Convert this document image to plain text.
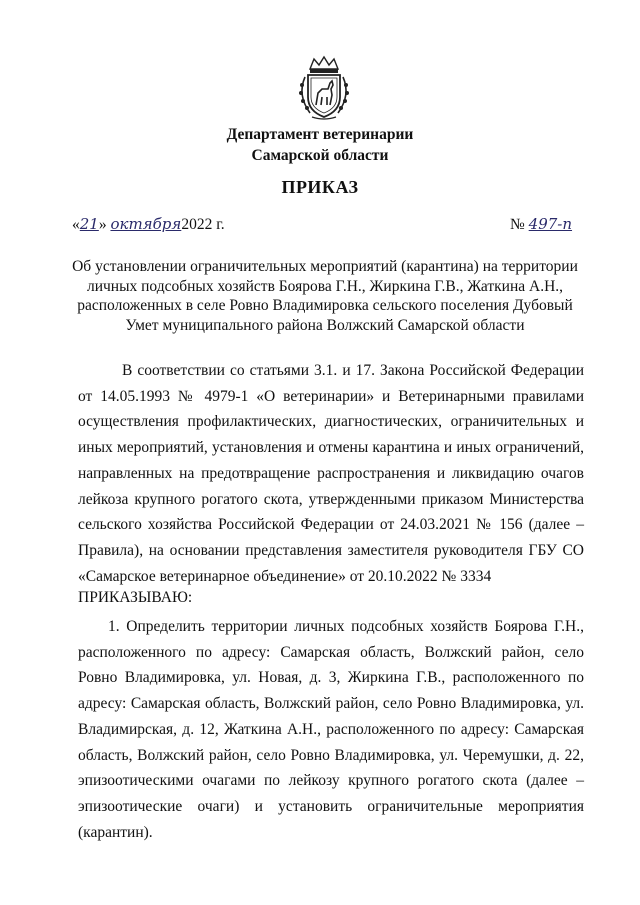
Департамент ветеринарии
Самарской области
ПРИКАЗ
«21» октября2022 г.	№ 497-п
Об установлении ограничительных мероприятий (карантина) на территории личных подсобных хозяйств Боярова Г.Н., Жиркина Г.В., Жаткина А.Н., расположенных в селе Ровно Владимировка сельского поселения Дубовый Умет муниципального района Волжский Самарской области
В соответствии со статьями 3.1. и 17. Закона Российской Федерации от 14.05.1993 № 4979-1 «О ветеринарии» и Ветеринарными правилами осуществления профилактических, диагностических, ограничительных и иных мероприятий, установления и отмены карантина и иных ограничений, направленных на предотвращение распространения и ликвидацию очагов лейкоза крупного рогатого скота, утвержденными приказом Министерства сельского хозяйства Российской Федерации от 24.03.2021 № 156 (далее – Правила), на основании представления заместителя руководителя ГБУ СО «Самарское ветеринарное объединение» от 20.10.2022 № 3334
ПРИКАЗЫВАЮ:
1. Определить территории личных подсобных хозяйств Боярова Г.Н., расположенного по адресу: Самарская область, Волжский район, село Ровно Владимировка, ул. Новая, д. 3, Жиркина Г.В., расположенного по адресу: Самарская область, Волжский район, село Ровно Владимировка, ул. Владимирская, д. 12, Жаткина А.Н., расположенного по адресу: Самарская область, Волжский район, село Ровно Владимировка, ул. Черемушки, д. 22, эпизоотическими очагами по лейкозу крупного рогатого скота (далее – эпизоотические очаги) и установить ограничительные мероприятия (карантин).
